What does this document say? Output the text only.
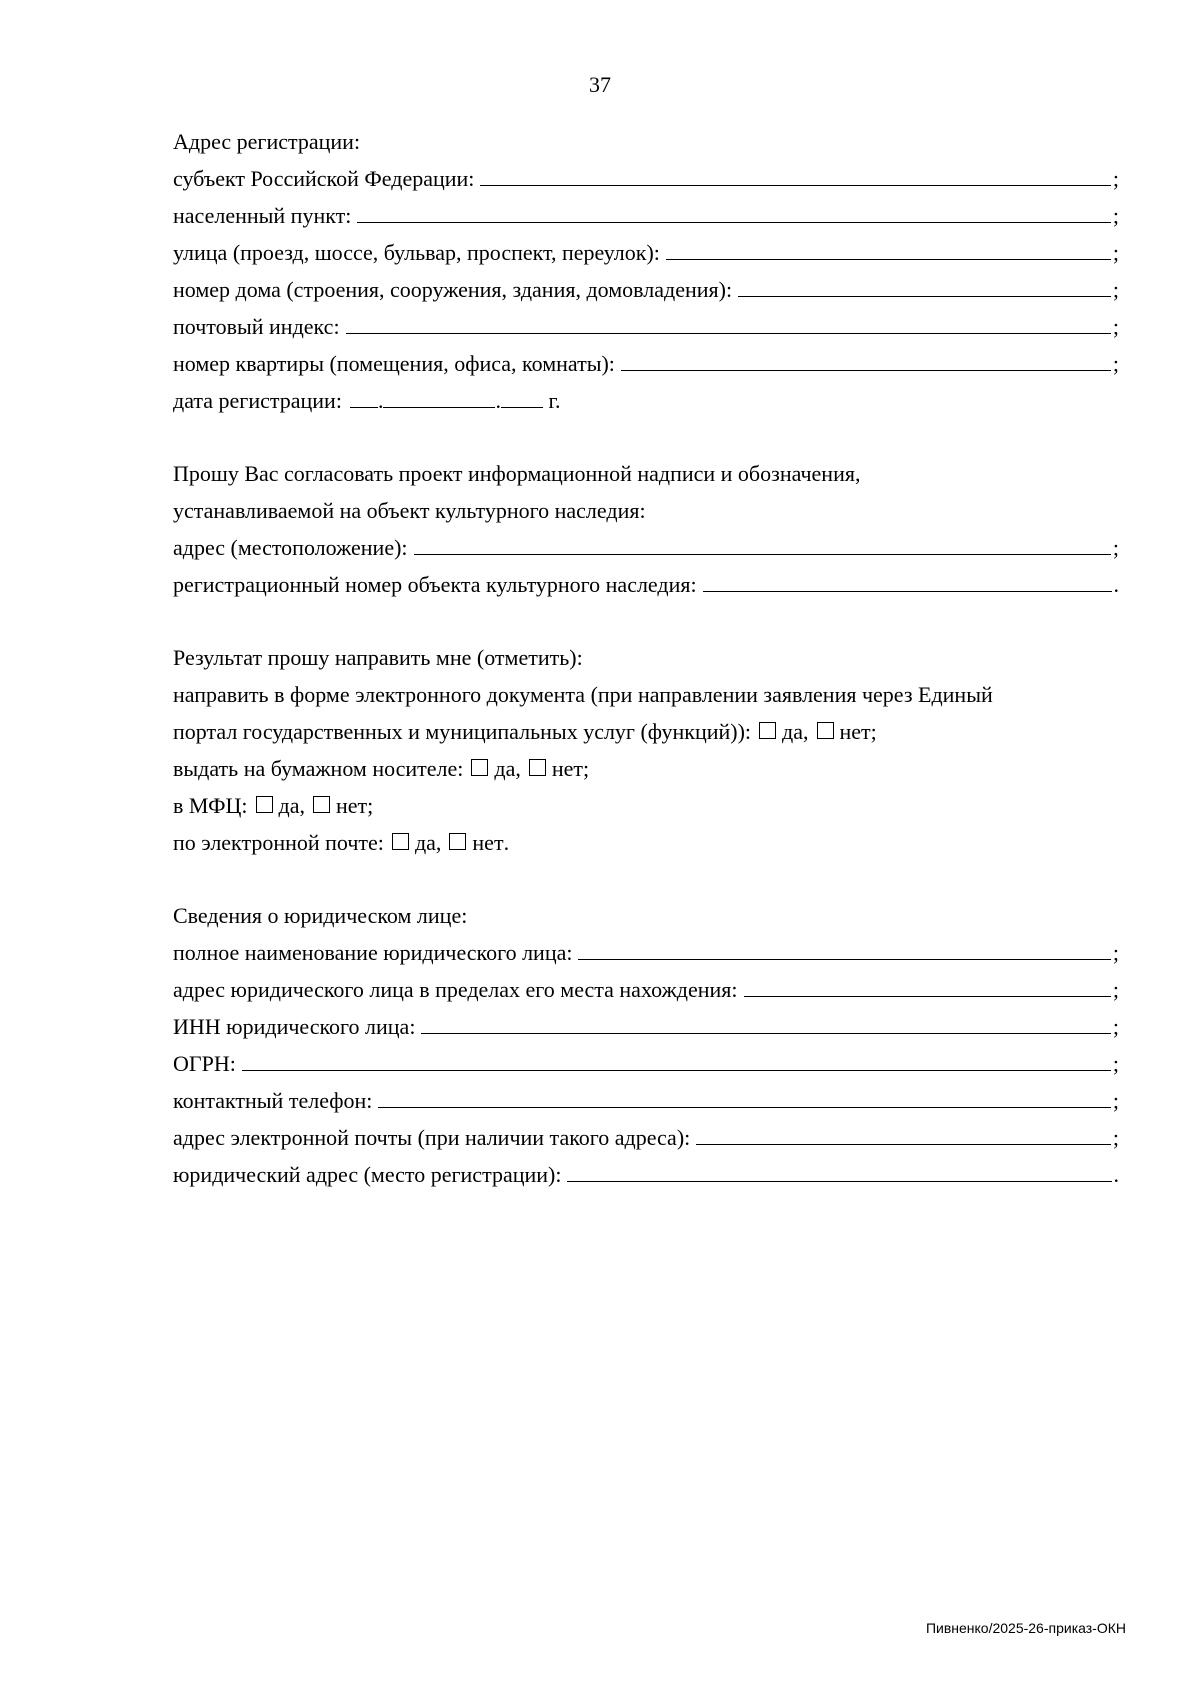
37
Адрес регистрации:
субъект Российской Федерации:	;
населенный пункт:	;
улица (проезд, шоссе, бульвар, проспект, переулок):	;
номер дома (строения, сооружения, здания, домовладения):	;
почтовый индекс:	;
номер квартиры (помещения, офиса, комнаты):	;
дата регистрации: .	. г.
Прошу Вас согласовать проект информационной надписи и обозначения,
устанавливаемой на объект культурного наследия:
адрес (местоположение):	;
регистрационный номер объекта культурного наследия:	.
Результат прошу направить мне (отметить):
направить в форме электронного документа (при направлении заявления через Единый
портал государственных и муниципальных услуг (функций)): да, нет ;
выдать на бумажном носителе: да, нет ;
в МФЦ: да, нет ;
по электронной почте: да, нет .
Сведения о юридическом лице:
полное наименование юридического лица:	;
адрес юридического лица в пределах его места нахождения:	;
ИНН юридического лица:	;
ОГРН:	;
контактный телефон:	;
адрес электронной почты (при наличии такого адреса):	;
юридический адрес (место регистрации):	.
Пивненко/2025-26-приказ-ОКН
